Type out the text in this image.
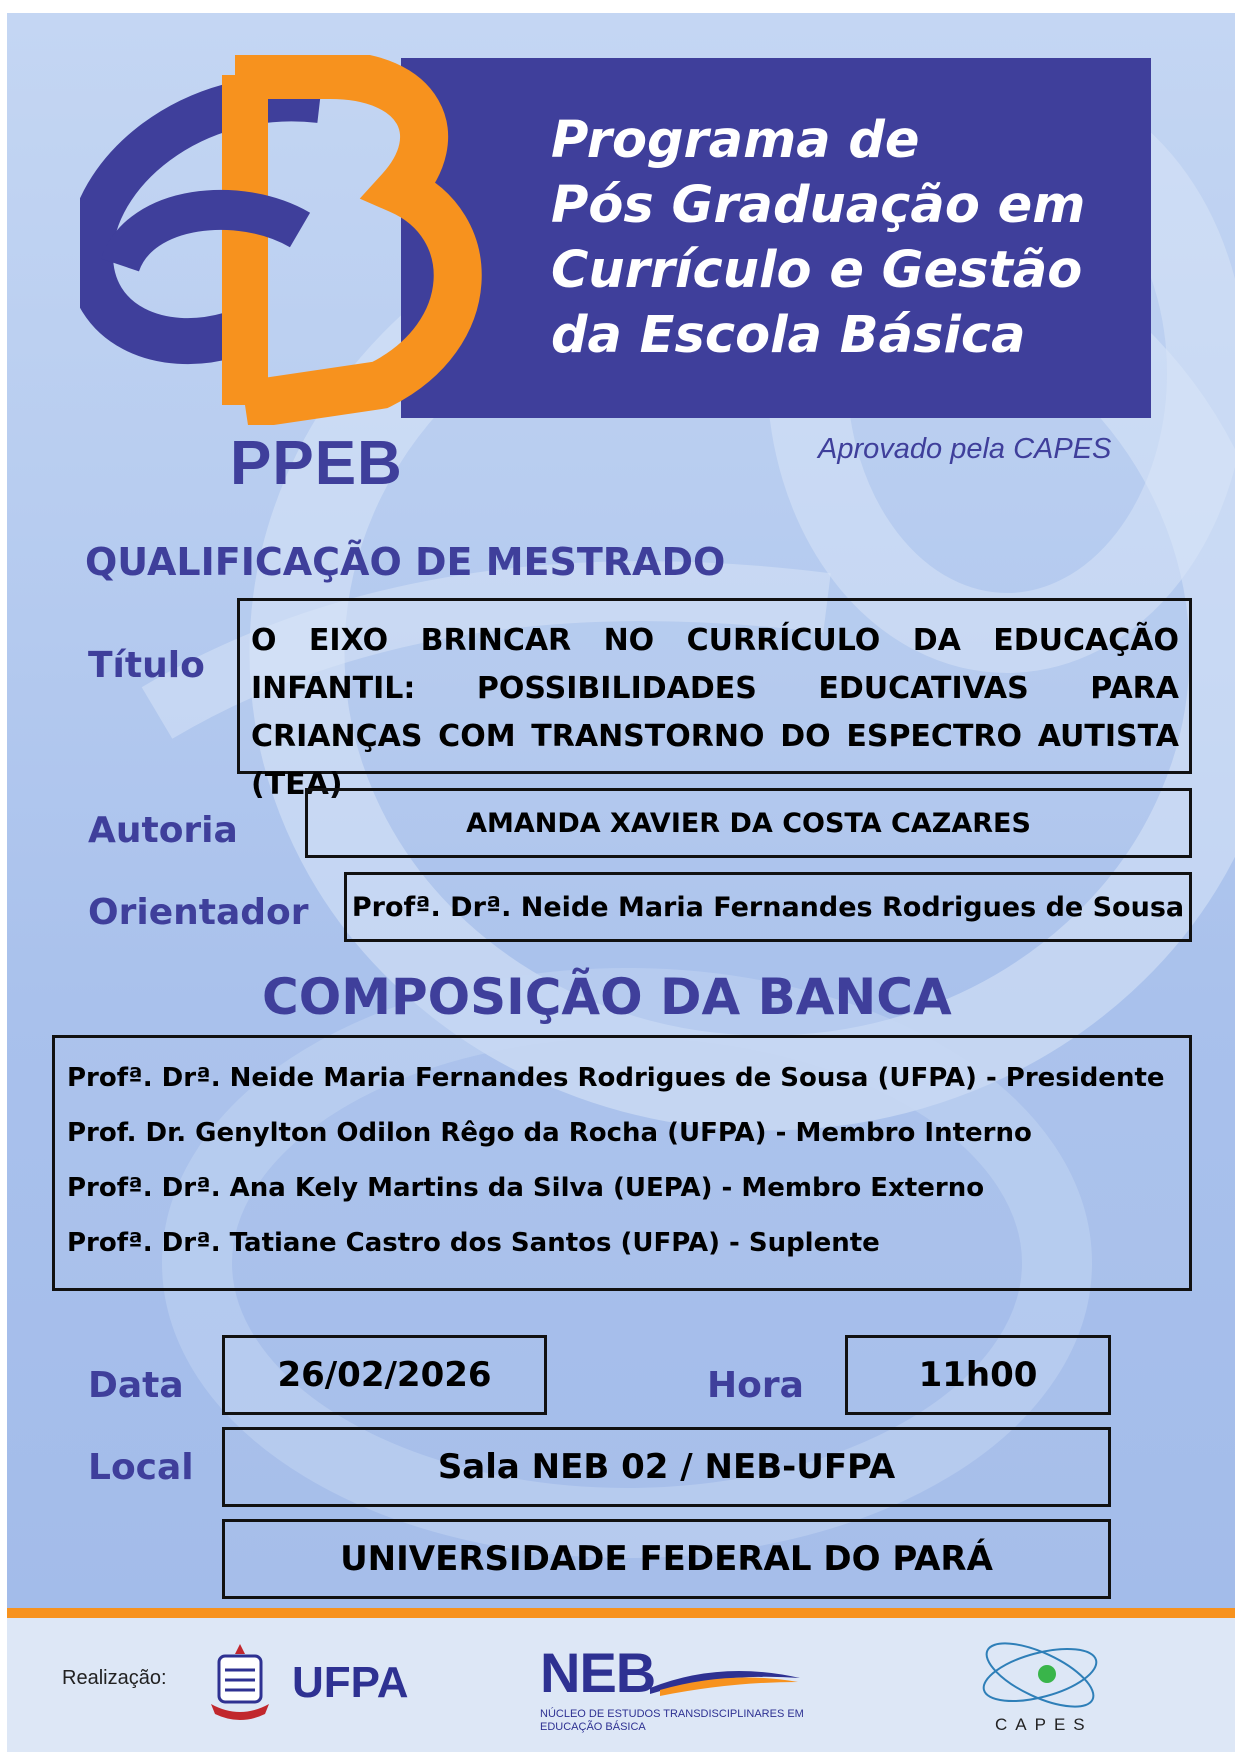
Programa de
Pós Graduação em
Currículo e Gestão
da Escola Básica
PPEB	Aprovado pela CAPES
QUALIFICAÇÃO DE MESTRADO
Título
O EIXO BRINCAR NO CURRÍCULO DA EDUCAÇÃO INFANTIL: POSSIBILIDADES EDUCATIVAS PARA CRIANÇAS COM TRANSTORNO DO ESPECTRO AUTISTA (TEA)
Autoria	AMANDA XAVIER DA COSTA CAZARES
Orientador Profª. Drª. Neide Maria Fernandes Rodrigues de Sousa
COMPOSIÇÃO DA BANCA
Profª. Drª. Neide Maria Fernandes Rodrigues de Sousa (UFPA) - Presidente
Prof. Dr. Genylton Odilon Rêgo da Rocha (UFPA) - Membro Interno
Profª. Drª. Ana Kely Martins da Silva (UEPA) - Membro Externo
Profª. Drª. Tatiane Castro dos Santos (UFPA) - Suplente
Data	26/02/2026	Hora	11h00
Local	Sala NEB 02 / NEB-UFPA
UNIVERSIDADE FEDERAL DO PARÁ
Realização:	UFPA NEB
NÚCLEO DE ESTUDOS TRANSDISCIPLINARES EM EDUCAÇÃO BÁSICA	CAPES
